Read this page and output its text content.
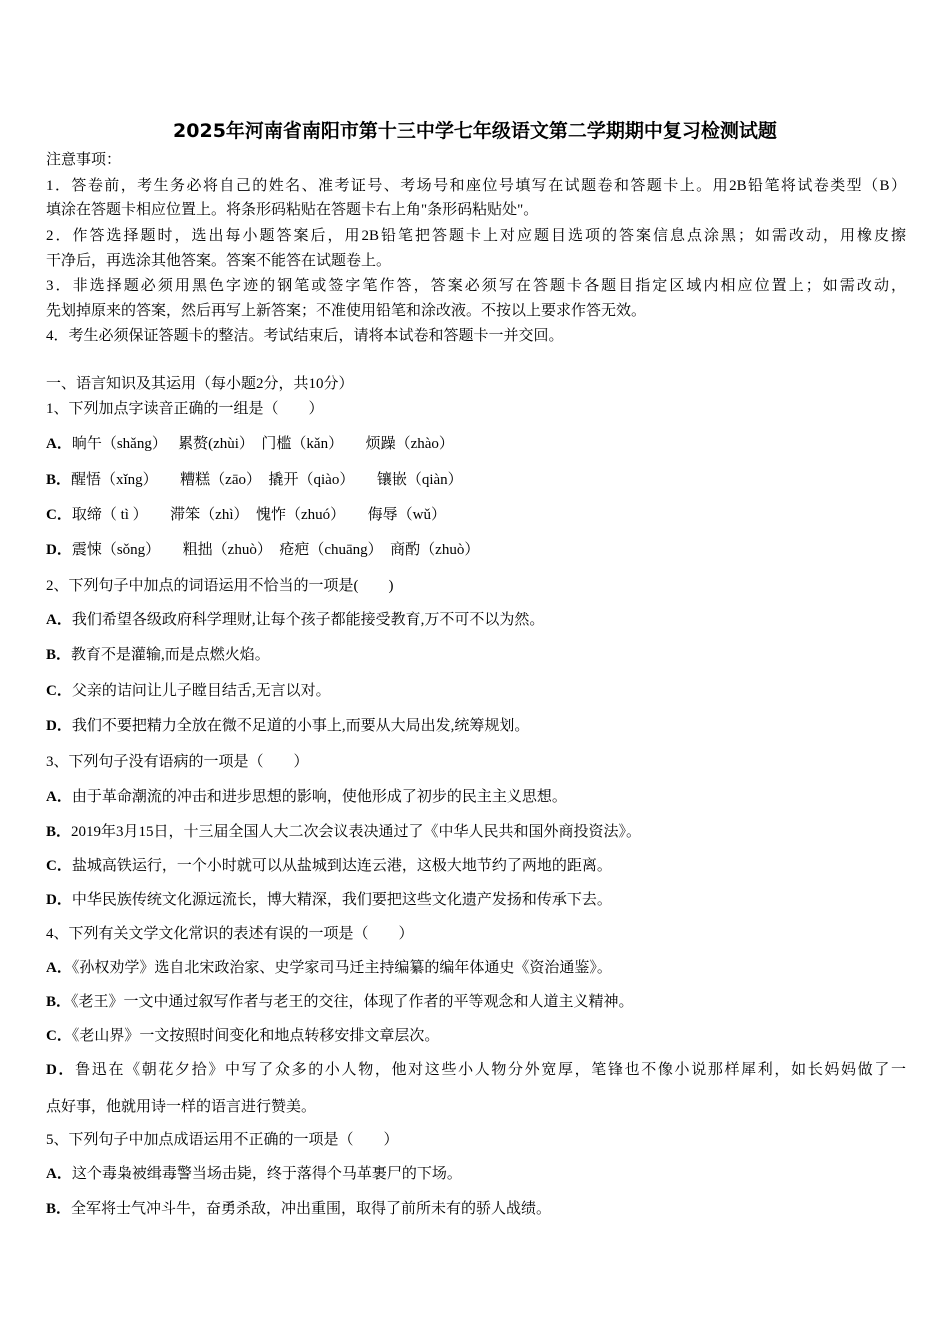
2025年河南省南阳市第十三中学七年级语文第二学期期中复习检测试题
注意事项：
1．答卷前，考生务必将自己的姓名、准考证号、考场号和座位号填写在试题卷和答题卡上。用2B铅笔将试卷类型（B）
填涂在答题卡相应位置上。将条形码粘贴在答题卡右上角"条形码粘贴处"。
2．作答选择题时，选出每小题答案后，用2B铅笔把答题卡上对应题目选项的答案信息点涂黑；如需改动，用橡皮擦
干净后，再选涂其他答案。答案不能答在试题卷上。
3．非选择题必须用黑色字迹的钢笔或签字笔作答，答案必须写在答题卡各题目指定区域内相应位置上；如需改动，
先划掉原来的答案，然后再写上新答案；不准使用铅笔和涂改液。不按以上要求作答无效。
4．考生必须保证答题卡的整洁。考试结束后，请将本试卷和答题卡一并交回。
一、语言知识及其运用（每小题2分，共10分）
1、下列加点字读音正确的一组是（　　）
A．晌午（shǎng）　 累赘(zhùi）　门槛（kǎn）　　烦躁（zhào）
B．醒悟（xǐng）　　糟糕（zāo）　撬开（qiào）　　镶嵌（qiàn）
C．取缔（ tì ）　　滞笨（zhì）　愧怍（zhuó）　　侮辱（wǔ）
D．震悚（sǒng）　　粗拙（zhuò）　疮疤（chuāng）　商酌（zhuò）
2、下列句子中加点的词语运用不恰当的一项是(　　)
A．我们希望各级政府科学理财,让每个孩子都能接受教育,万不可不以为然。
B．教育不是灌输,而是点燃火焰。
C．父亲的诘问让儿子瞠目结舌,无言以对。
D．我们不要把精力全放在微不足道的小事上,而要从大局出发,统筹规划。
3、下列句子没有语病的一项是（　　）
A．由于革命潮流的冲击和进步思想的影响，使他形成了初步的民主主义思想。
B．2019年3月15日，十三届全国人大二次会议表决通过了《中华人民共和国外商投资法》。
C．盐城高铁运行，一个小时就可以从盐城到达连云港，这极大地节约了两地的距离。
D．中华民族传统文化源远流长，博大精深，我们要把这些文化遗产发扬和传承下去。
4、下列有关文学文化常识的表述有误的一项是（　　）
A．《孙权劝学》选自北宋政治家、史学家司马迁主持编纂的编年体通史《资治通鉴》。
B．《老王》一文中通过叙写作者与老王的交往，体现了作者的平等观念和人道主义精神。
C．《老山界》一文按照时间变化和地点转移安排文章层次。
D．鲁迅在《朝花夕拾》中写了众多的小人物，他对这些小人物分外宽厚，笔锋也不像小说那样犀利，如长妈妈做了一
点好事，他就用诗一样的语言进行赞美。
5、下列句子中加点成语运用不正确的一项是（　　）
A．这个毒枭被缉毒警当场击毙，终于落得个马革裹尸的下场。
B．全军将士气冲斗牛，奋勇杀敌，冲出重围，取得了前所未有的骄人战绩。
